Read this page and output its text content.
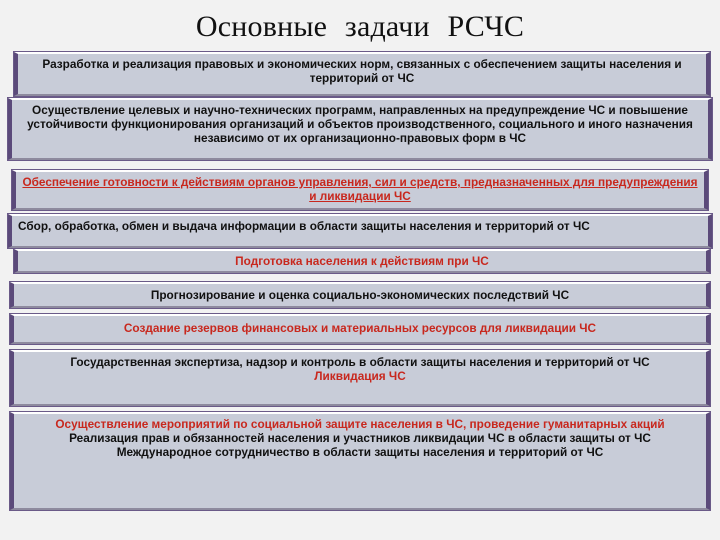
Основные задачи РСЧС
Разработка и реализация правовых и экономических норм, связанных с обеспечением защиты населения и территорий от ЧС
Осуществление целевых и научно-технических программ, направленных на предупреждение ЧС и повышение устойчивости функционирования организаций и объектов производственного, социального и иного назначения независимо от их организационно-правовых форм в ЧС
Обеспечение готовности к действиям органов управления, сил и средств, предназначенных для предупреждения и ликвидации ЧС
Сбор, обработка, обмен и выдача информации в области защиты населения и территорий от ЧС
Подготовка населения к действиям при ЧС
Прогнозирование и оценка социально-экономических последствий ЧС
Создание резервов финансовых и материальных ресурсов для ликвидации ЧС
Государственная экспертиза, надзор и контроль в области защиты населения и территорий от ЧС
Ликвидация ЧС
Осуществление мероприятий по социальной защите населения в ЧС, проведение гуманитарных акций
Реализация прав и обязанностей населения и участников ликвидации ЧС в области защиты от ЧС
Международное сотрудничество в области защиты населения и территорий от ЧС
